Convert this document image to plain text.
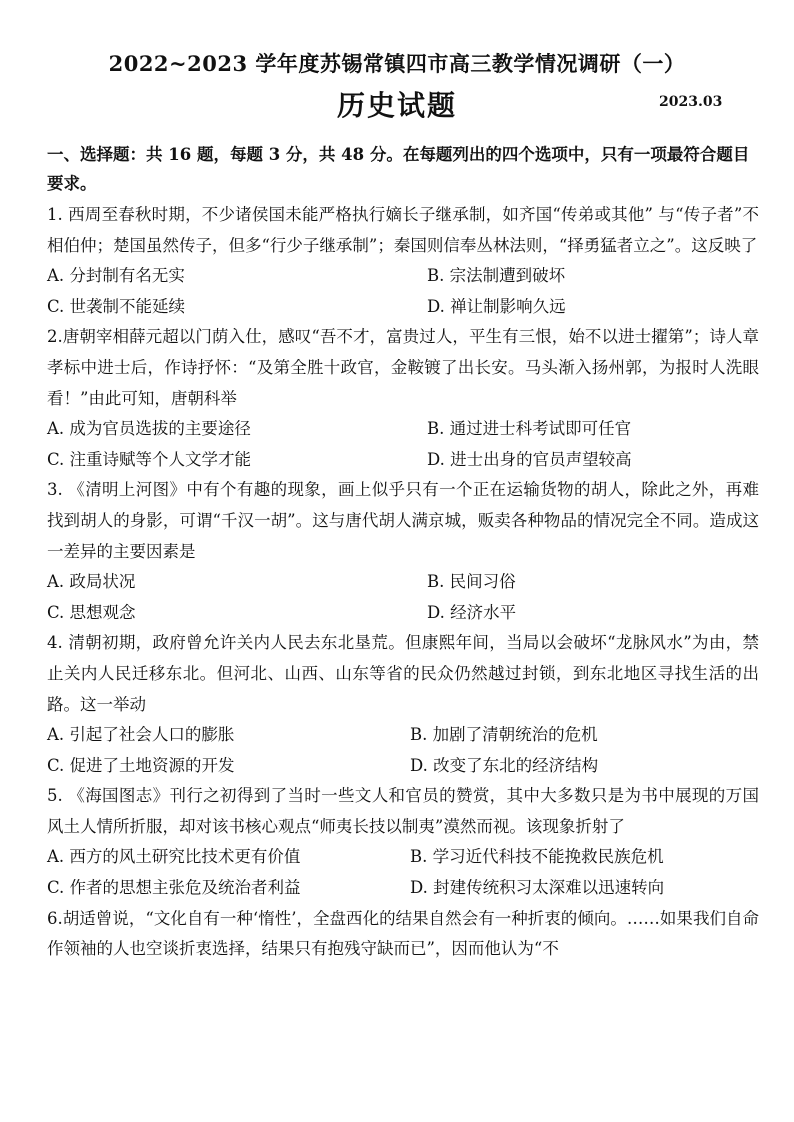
2022~2023 学年度苏锡常镇四市高三教学情况调研（一）
历史试题	2023.03
一、选择题：共 16 题，每题 3 分，共 48 分。在每题列出的四个选项中，只有一项最符合题目要求。
1. 西周至春秋时期，不少诸侯国未能严格执行嫡长子继承制，如齐国“传弟或其他” 与“传子者”不相伯仲；楚国虽然传子，但多“行少子继承制”；秦国则信奉丛林法则，“择勇猛者立之”。这反映了
A. 分封制有名无实	B. 宗法制遭到破坏
C. 世袭制不能延续	D. 禅让制影响久远
2.唐朝宰相薛元超以门荫入仕，感叹“吾不才，富贵过人，平生有三恨，始不以进士擢第”；诗人章孝标中进士后，作诗抒怀：“及第全胜十政官，金鞍镀了出长安。马头渐入扬州郭，为报时人洗眼看！”由此可知，唐朝科举
A. 成为官员选拔的主要途径	B. 通过进士科考试即可任官
C. 注重诗赋等个人文学才能	D. 进士出身的官员声望较高
3. 《清明上河图》中有个有趣的现象，画上似乎只有一个正在运输货物的胡人，除此之外，再难找到胡人的身影，可谓“千汉一胡”。这与唐代胡人满京城，贩卖各种物品的情况完全不同。造成这一差异的主要因素是
A. 政局状况	B. 民间习俗
C. 思想观念	D. 经济水平
4. 清朝初期，政府曾允许关内人民去东北垦荒。但康熙年间，当局以会破坏“龙脉风水”为由，禁止关内人民迁移东北。但河北、山西、山东等省的民众仍然越过封锁，到东北地区寻找生活的出路。这一举动
A. 引起了社会人口的膨胀	B. 加剧了清朝统治的危机
C. 促进了土地资源的开发	D. 改变了东北的经济结构
5. 《海国图志》刊行之初得到了当时一些文人和官员的赞赏，其中大多数只是为书中展现的万国风土人情所折服，却对该书核心观点“师夷长技以制夷”漠然而视。该现象折射了
A. 西方的风土研究比技术更有价值	B. 学习近代科技不能挽救民族危机
C. 作者的思想主张危及统治者利益	D. 封建传统积习太深难以迅速转向
6.胡适曾说，“文化自有一种‘惰性’，全盘西化的结果自然会有一种折衷的倾向。……如果我们自命作领袖的人也空谈折衷选择，结果只有抱残守缺而已”，因而他认为“不
